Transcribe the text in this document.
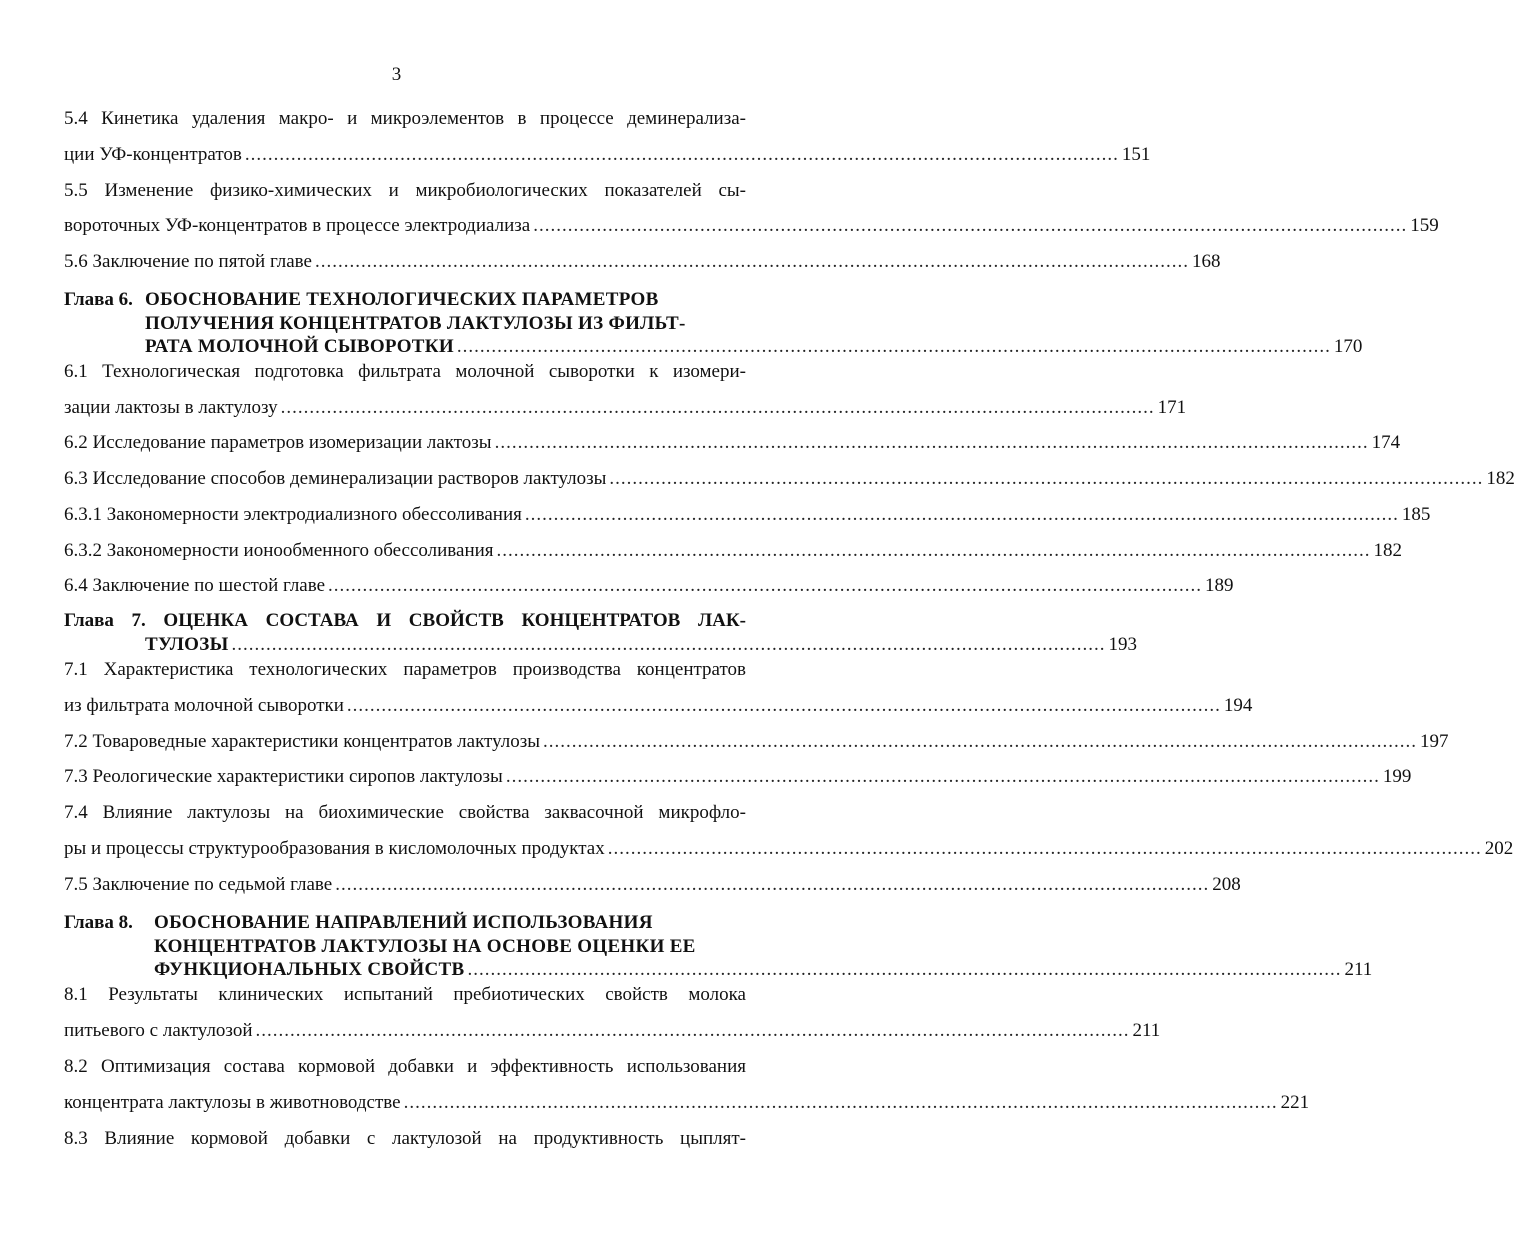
3
5.4 Кинетика удаления макро- и микроэлементов в процессе деминерализа-
ции УФ-концентратов ........................................................................................................................................................ 151
5.5 Изменение физико-химических и микробиологических показателей сы-
вороточных УФ-концентратов в процессе электродиализа ........................................................................................................................................................ 159
5.6 Заключение по пятой главе ........................................................................................................................................................ 168
Глава 6. ОБОСНОВАНИЕ ТЕХНОЛОГИЧЕСКИХ ПАРАМЕТРОВ
ПОЛУЧЕНИЯ КОНЦЕНТРАТОВ ЛАКТУЛОЗЫ ИЗ ФИЛЬТ-
РАТА МОЛОЧНОЙ СЫВОРОТКИ ........................................................................................................................................................ 170
6.1 Технологическая подготовка фильтрата молочной сыворотки к изомери-
зации лактозы в лактулозу ........................................................................................................................................................ 171
6.2 Исследование параметров изомеризации лактозы ........................................................................................................................................................ 174
6.3 Исследование способов деминерализации растворов лактулозы ........................................................................................................................................................ 182
6.3.1 Закономерности электродиализного обессоливания ........................................................................................................................................................ 185
6.3.2 Закономерности ионообменного обессоливания ........................................................................................................................................................ 182
6.4 Заключение по шестой главе ........................................................................................................................................................ 189
Глава 7. ОЦЕНКА СОСТАВА И СВОЙСТВ КОНЦЕНТРАТОВ ЛАК-
ТУЛОЗЫ ........................................................................................................................................................ 193
7.1 Характеристика технологических параметров производства концентратов
из фильтрата молочной сыворотки ........................................................................................................................................................ 194
7.2 Товароведные характеристики концентратов лактулозы ........................................................................................................................................................ 197
7.3 Реологические характеристики сиропов лактулозы ........................................................................................................................................................ 199
7.4 Влияние лактулозы на биохимические свойства заквасочной микрофло-
ры и процессы структурообразования в кисломолочных продуктах ........................................................................................................................................................ 202
7.5 Заключение по седьмой главе ........................................................................................................................................................ 208
Глава 8. ОБОСНОВАНИЕ НАПРАВЛЕНИЙ ИСПОЛЬЗОВАНИЯ
КОНЦЕНТРАТОВ ЛАКТУЛОЗЫ НА ОСНОВЕ ОЦЕНКИ ЕЕ
ФУНКЦИОНАЛЬНЫХ СВОЙСТВ ........................................................................................................................................................ 211
8.1 Результаты клинических испытаний пребиотических свойств молока
питьевого с лактулозой ........................................................................................................................................................ 211
8.2 Оптимизация состава кормовой добавки и эффективность использования
концентрата лактулозы в животноводстве ........................................................................................................................................................ 221
8.3 Влияние кормовой добавки с лактулозой на продуктивность цыплят-
